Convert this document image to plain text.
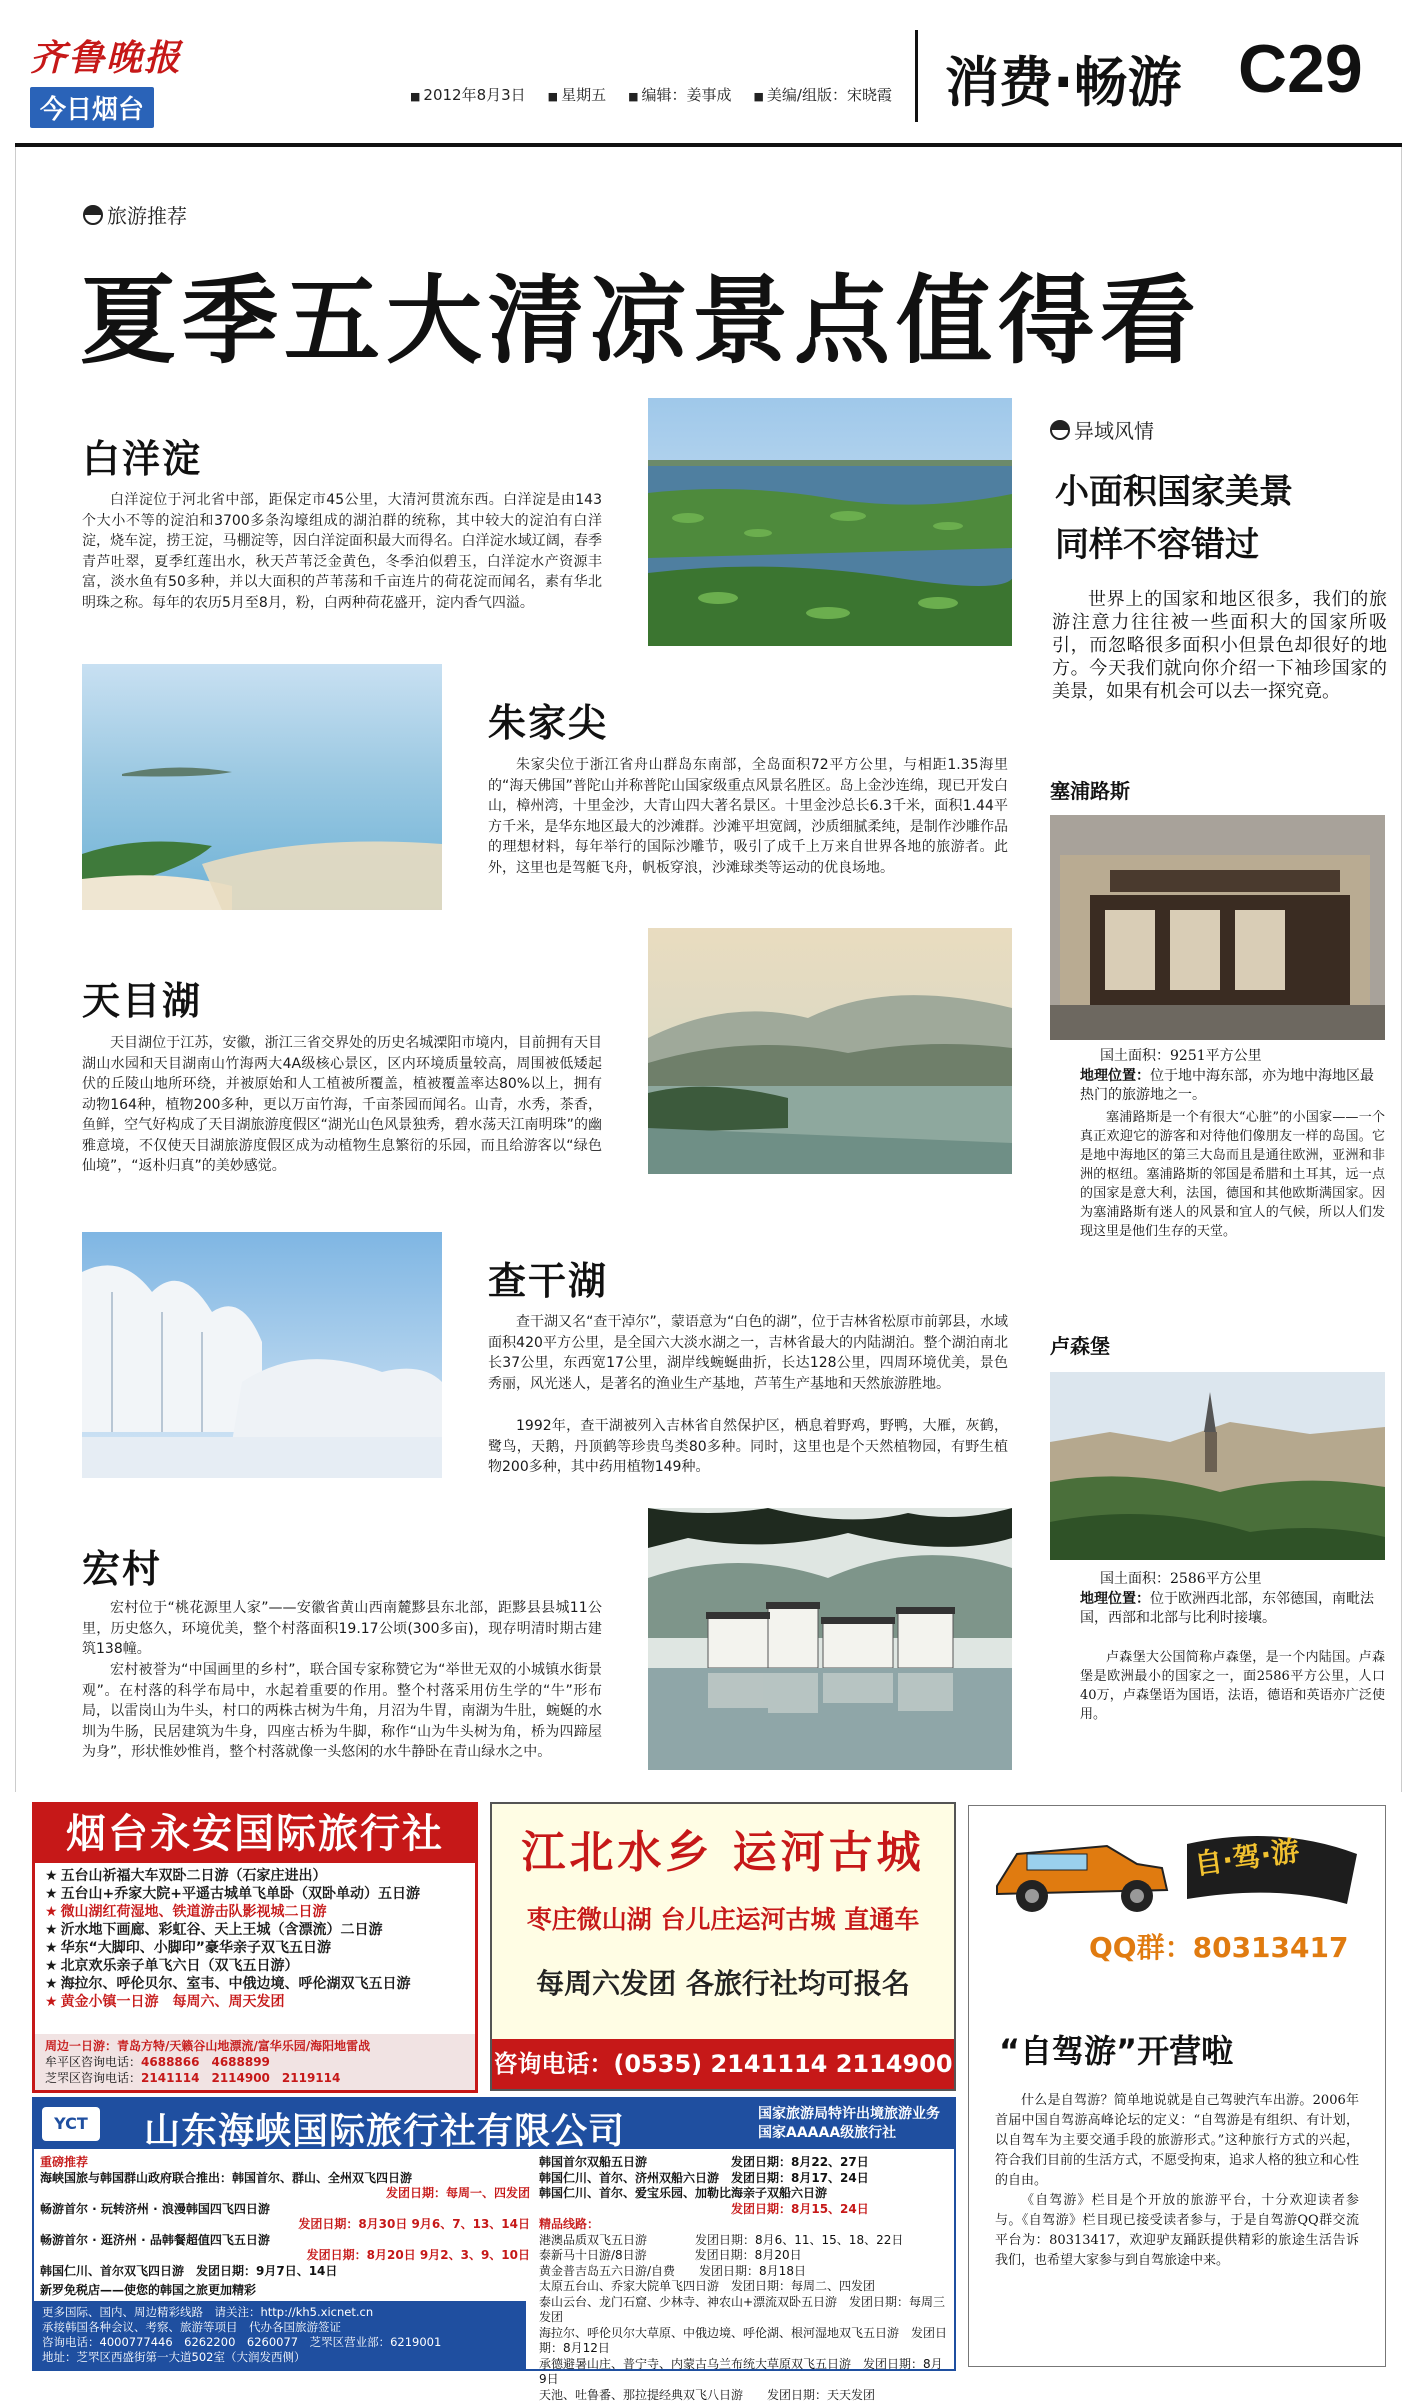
齐鲁晚报
今日烟台	■ 2012年8月3日 ■ 星期五 ■ 编辑：姜事成 ■ 美编/组版：宋晓霞 消费·畅游 C29
旅游推荐
夏季五大清凉景点值得看
白洋淀
白洋淀位于河北省中部，距保定市45公里，大清河贯流东西。白洋淀是由143个大小不等的淀泊和3700多条沟壕组成的湖泊群的统称，其中较大的淀泊有白洋淀，烧车淀，捞王淀，马棚淀等，因白洋淀面积最大而得名。白洋淀水域辽阔，春季青芦吐翠，夏季红莲出水，秋天芦苇泛金黄色，冬季泊似碧玉，白洋淀水产资源丰富，淡水鱼有50多种，并以大面积的芦苇荡和千亩连片的荷花淀而闻名，素有华北明珠之称。每年的农历5月至8月，粉，白两种荷花盛开，淀内香气四溢。
朱家尖
朱家尖位于浙江省舟山群岛东南部，全岛面积72平方公里，与相距1.35海里的“海天佛国”普陀山并称普陀山国家级重点风景名胜区。岛上金沙连绵，现已开发白山，樟州湾，十里金沙，大青山四大著名景区。十里金沙总长6.3千米，面积1.44平方千米，是华东地区最大的沙滩群。沙滩平坦宽阔，沙质细腻柔纯，是制作沙雕作品的理想材料，每年举行的国际沙雕节，吸引了成千上万来自世界各地的旅游者。此外，这里也是驾艇飞舟，帆板穿浪，沙滩球类等运动的优良场地。
天目湖
天目湖位于江苏，安徽，浙江三省交界处的历史名城溧阳市境内，目前拥有天目湖山水园和天目湖南山竹海两大4A级核心景区，区内环境质量较高，周围被低矮起伏的丘陵山地所环绕，并被原始和人工植被所覆盖，植被覆盖率达80%以上，拥有动物164种，植物200多种，更以万亩竹海，千亩茶园而闻名。山青，水秀，茶香，鱼鲜，空气好构成了天目湖旅游度假区“湖光山色风景独秀，碧水荡天江南明珠”的幽雅意境，不仅使天目湖旅游度假区成为动植物生息繁衍的乐园，而且给游客以“绿色仙境”，“返朴归真”的美妙感觉。
查干湖
查干湖又名“查干淖尔”，蒙语意为“白色的湖”，位于吉林省松原市前郭县，水域面积420平方公里，是全国六大淡水湖之一，吉林省最大的内陆湖泊。整个湖泊南北长37公里，东西宽17公里，湖岸线蜿蜒曲折，长达128公里，四周环境优美，景色秀丽，风光迷人，是著名的渔业生产基地，芦苇生产基地和天然旅游胜地。
1992年，查干湖被列入吉林省自然保护区，栖息着野鸡，野鸭，大雁，灰鹤，鹭鸟，天鹅，丹顶鹤等珍贵鸟类80多种。同时，这里也是个天然植物园，有野生植物200多种，其中药用植物149种。
宏村
宏村位于“桃花源里人家”——安徽省黄山西南麓黟县东北部，距黟县县城11公里，历史悠久，环境优美，整个村落面积19.17公顷(300多亩)，现存明清时期古建筑138幢。
宏村被誉为“中国画里的乡村”，联合国专家称赞它为“举世无双的小城镇水街景观”。在村落的科学布局中，水起着重要的作用。整个村落采用仿生学的“牛”形布局，以雷岗山为牛头，村口的两株古树为牛角，月沼为牛胃，南湖为牛肚，蜿蜒的水圳为牛肠，民居建筑为牛身，四座古桥为牛脚，称作“山为牛头树为角，桥为四蹄屋为身”，形状惟妙惟肖，整个村落就像一头悠闲的水牛静卧在青山绿水之中。
异域风情
小面积国家美景
同样不容错过
世界上的国家和地区很多，我们的旅游注意力往往被一些面积大的国家所吸引，而忽略很多面积小但景色却很好的地方。今天我们就向你介绍一下袖珍国家的美景，如果有机会可以去一探究竟。
塞浦路斯
国土面积：9251平方公里
地理位置：位于地中海东部，亦为地中海地区最热门的旅游地之一。
塞浦路斯是一个有很大“心脏”的小国家——一个真正欢迎它的游客和对待他们像朋友一样的岛国。它是地中海地区的第三大岛而且是通往欧洲，亚洲和非洲的枢纽。塞浦路斯的邻国是希腊和土耳其，远一点的国家是意大利，法国，德国和其他欧斯满国家。因为塞浦路斯有迷人的风景和宜人的气候，所以人们发现这里是他们生存的天堂。
卢森堡
国土面积：2586平方公里
地理位置：位于欧洲西北部，东邻德国，南毗法国，西部和北部与比利时接壤。
卢森堡大公国简称卢森堡，是一个内陆国。卢森堡是欧洲最小的国家之一，面2586平方公里，人口40万，卢森堡语为国语，法语，德语和英语亦广泛使用。
烟台永安国际旅行社
★ 五台山祈福大车双卧二日游（石家庄进出）
★ 五台山+乔家大院+平遥古城单飞单卧（双卧单动）五日游
★ 微山湖红荷湿地、铁道游击队影视城二日游
★ 沂水地下画廊、彩虹谷、天上王城（含漂流）二日游
★ 华东“大脚印、小脚印”豪华亲子双飞五日游
★ 北京欢乐亲子单飞六日（双飞五日游）
★ 海拉尔、呼伦贝尔、室韦、中俄边境、呼伦湖双飞五日游
★ 黄金小镇一日游　每周六、周天发团
周边一日游：青岛方特/天籁谷山地漂流/富华乐园/海阳地雷战
牟平区咨询电话：4688866　4688899
芝罘区咨询电话：2141114　2114900　2119114
江北水乡 运河古城
枣庄微山湖 台儿庄运河古城 直通车
每周六发团 各旅行社均可报名
咨询电话：(0535) 2141114 2114900
YCT	山东海峡国际旅行社有限公司	国家旅游局特许出境旅游业务
国家AAAAA级旅行社
重磅推荐
海峡国旅与韩国群山政府联合推出：韩国首尔、群山、全州双飞四日游
发团日期：每周一、四发团
畅游首尔 · 玩转济州 · 浪漫韩国四飞四日游
发团日期：8月30日 9月6、7、13、14日
畅游首尔 · 逛济州 · 品韩餐超值四飞五日游
发团日期：8月20日 9月2、3、9、10日
韩国仁川、首尔双飞四日游　发团日期：9月7日、14日
新罗免税店——使您的韩国之旅更加精彩
更多国际、国内、周边精彩线路　请关注：http://kh5.xicnet.cn
承接韩国各种会议、考察、旅游等项目　代办各国旅游签证
咨询电话：4000777446　6262200　6260077　芝罘区营业部：6219001
地址：芝罘区西盛街第一大道502室（大润发西侧）
韩国首尔双船五日游　　　　　　　发团日期：8月22、27日
韩国仁川、首尔、济州双船六日游　发团日期：8月17、24日
韩国仁川、首尔、爱宝乐园、加勒比海亲子双船六日游
　　　　　　　　　　　　　　　　发团日期：8月15、24日
精品线路：
港澳品质双飞五日游　　　　发团日期：8月6、11、15、18、22日
泰新马十日游/8日游　　　　发团日期：8月20日
黄金普吉岛五六日游/自费　　发团日期：8月18日
太原五台山、乔家大院单飞四日游　发团日期：每周二、四发团
泰山云台、龙门石窟、少林寺、神农山+漂流双卧五日游　发团日期：每周三发团
海拉尔、呼伦贝尔大草原、中俄边境、呼伦湖、根河湿地双飞五日游　发团日期：8月12日
承德避暑山庄、普宁寺、内蒙古乌兰布统大草原双飞五日游　发团日期：8月9日
天池、吐鲁番、那拉提经典双飞八日游　　发团日期：天天发团
自·驾·游
QQ群：80313417
“自驾游”开营啦
什么是自驾游？简单地说就是自己驾驶汽车出游。2006年首届中国自驾游高峰论坛的定义：“自驾游是有组织、有计划，以自驾车为主要交通手段的旅游形式。”这种旅行方式的兴起，符合我们目前的生活方式，不愿受拘束，追求人格的独立和心性的自由。
《自驾游》栏目是个开放的旅游平台，十分欢迎读者参与。《自驾游》栏目现已接受读者参与，于是自驾游QQ群交流平台为：80313417，欢迎驴友踊跃提供精彩的旅途生活告诉我们，也希望大家参与到自驾旅途中来。
